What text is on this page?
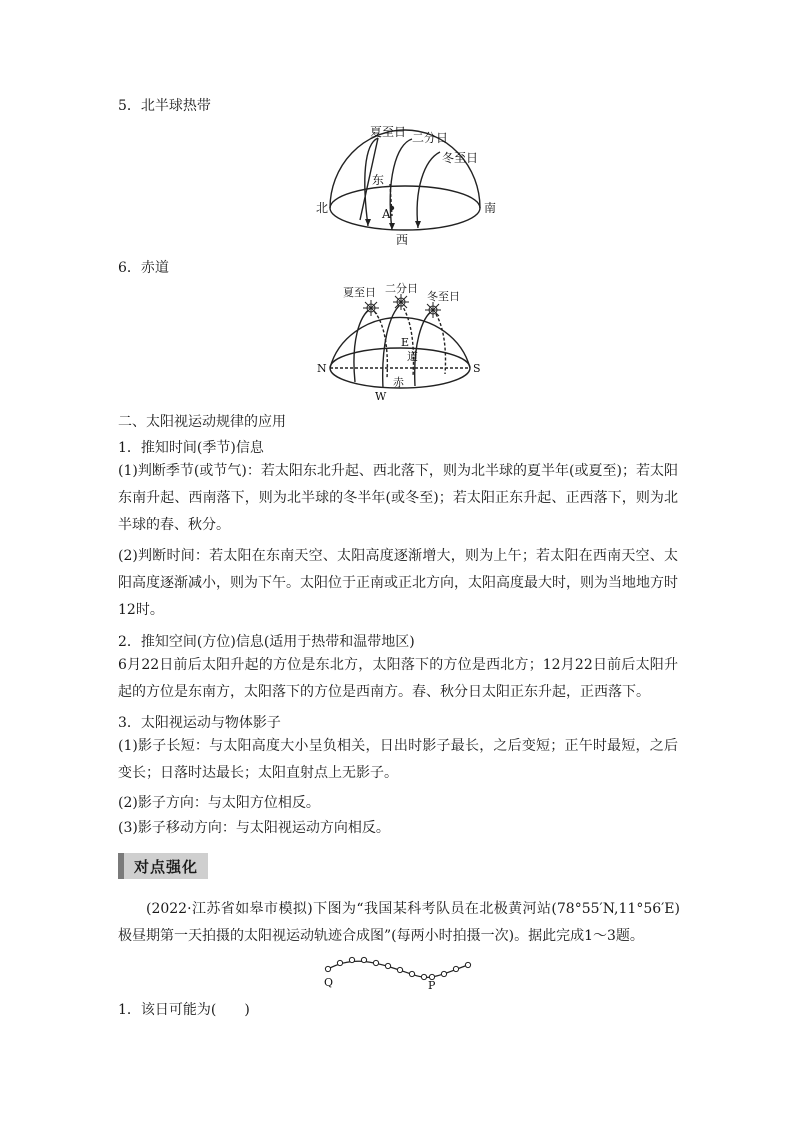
5．北半球热带
夏至日 二分日
冬至日
北	南
东
西
A
6．赤道
夏至日 二分日
冬至日
N	S
E
W
道
赤
二、太阳视运动规律的应用
1．推知时间(季节)信息
(1)判断季节(或节气)：若太阳东北升起、西北落下，则为北半球的夏半年(或夏至)；若太阳东南升起、西南落下，则为北半球的冬半年(或冬至)；若太阳正东升起、正西落下，则为北半球的春、秋分。
(2)判断时间：若太阳在东南天空、太阳高度逐渐增大，则为上午；若太阳在西南天空、太阳高度逐渐减小，则为下午。太阳位于正南或正北方向，太阳高度最大时，则为当地地方时12时。
2．推知空间(方位)信息(适用于热带和温带地区)
6月22日前后太阳升起的方位是东北方，太阳落下的方位是西北方；12月22日前后太阳升起的方位是东南方，太阳落下的方位是西南方。春、秋分日太阳正东升起，正西落下。
3．太阳视运动与物体影子
(1)影子长短：与太阳高度大小呈负相关，日出时影子最长，之后变短；正午时最短，之后变长；日落时达最长；太阳直射点上无影子。
(2)影子方向：与太阳方位相反。
(3)影子移动方向：与太阳视运动方向相反。
对点强化
(2022·江苏省如皋市模拟)下图为“我国某科考队员在北极黄河站(78°55′N,11°56′E)极昼期第一天拍摄的太阳视运动轨迹合成图”(每两小时拍摄一次)。据此完成1～3题。
Q	P
1．该日可能为(　　)
